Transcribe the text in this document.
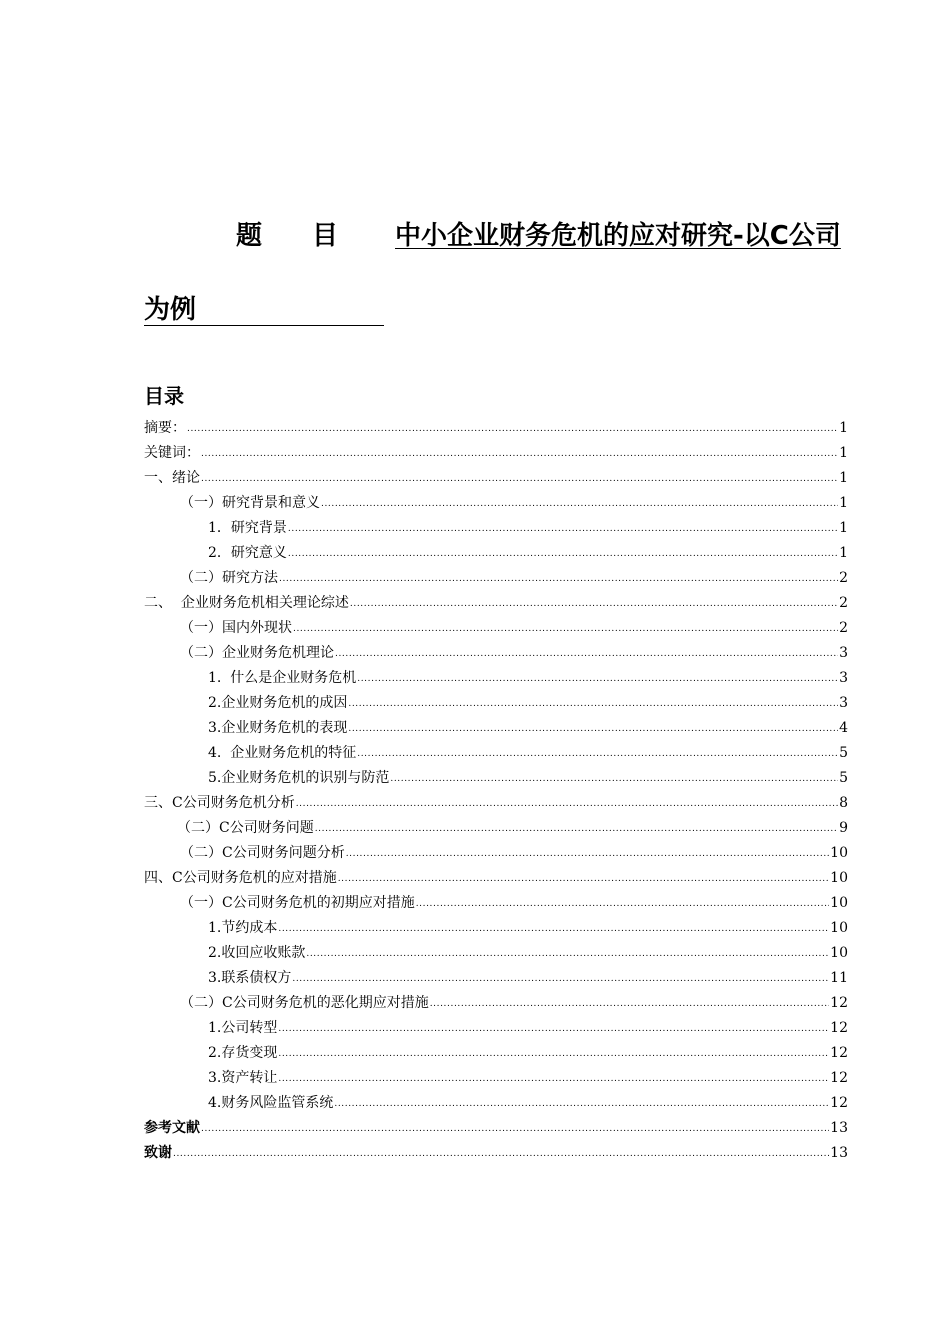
题目 中小企业财务危机的应对研究-以C公司
为例
目录
摘要： .....	1
关键词： .....	1
一、绪论 .....	1
（一）研究背景和意义 .....	1
1．研究背景 .....	1
2．研究意义 .....	1
（二）研究方法 .....	2
二、  企业财务危机相关理论综述 .....	2
（一）国内外现状 .....	2
（二）企业财务危机理论 .....	3
1.  什么是企业财务危机 .....	3
2.企业财务危机的成因 .....	3
3.企业财务危机的表现 .....	4
4.  企业财务危机的特征 .....	5
5.企业财务危机的识别与防范 .....	5
三、C公司财务危机分析 .....	8
（二）C公司财务问题 .....	9
（二）C公司财务问题分析 .....	10
四、C公司财务危机的应对措施 .....	10
（一）C公司财务危机的初期应对措施 .....	10
1.节约成本 .....	10
2.收回应收账款 .....	10
3.联系债权方 .....	11
（二）C公司财务危机的恶化期应对措施 .....	12
1.公司转型 .....	12
2.存货变现 .....	12
3.资产转让 .....	12
4.财务风险监管系统 .....	12
参考文献 .....	13
致谢 .....	13
